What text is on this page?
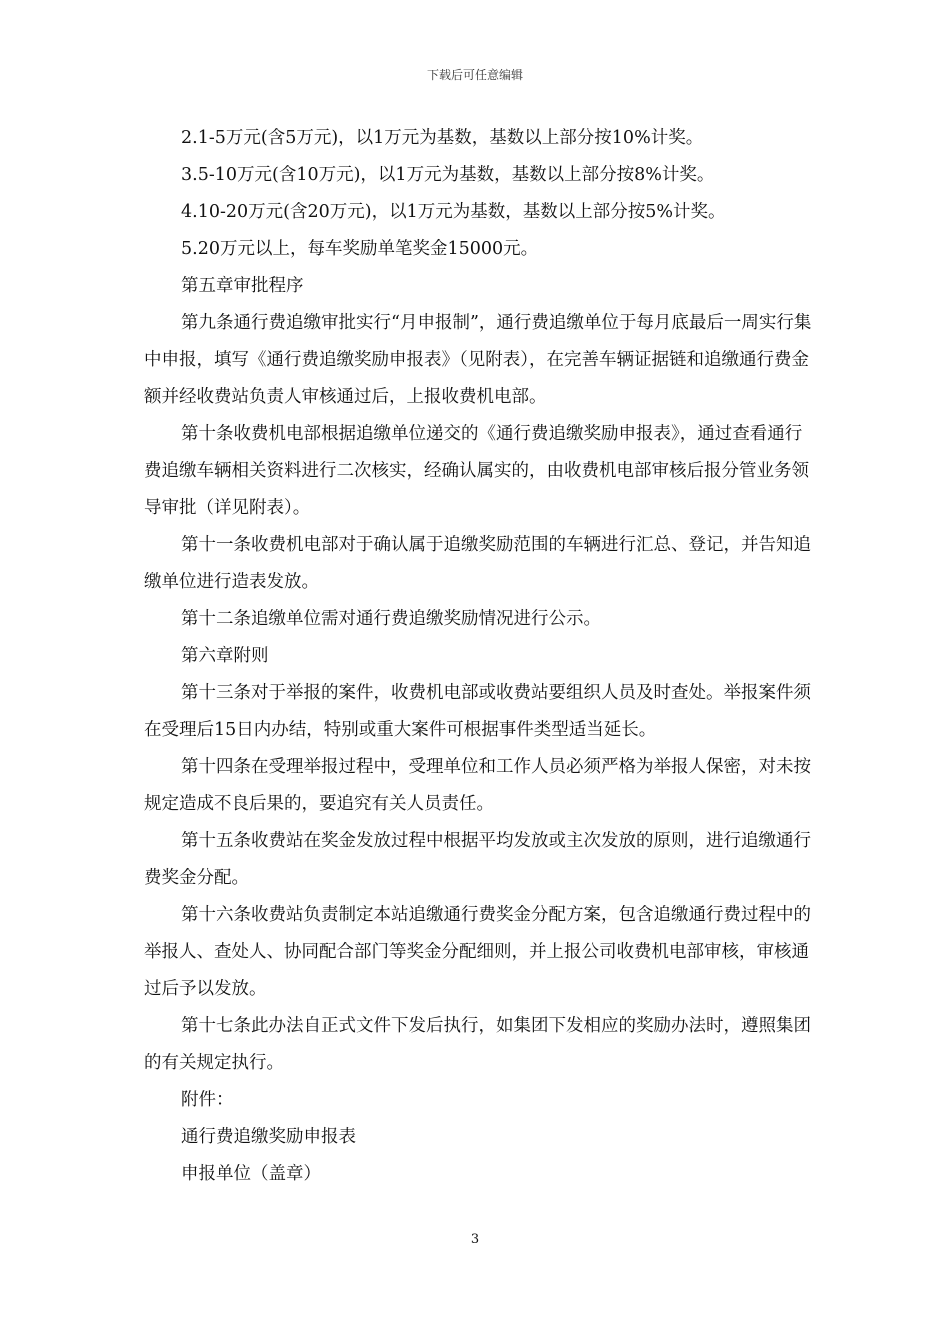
下载后可任意编辑

2.1-5万元(含5万元)，以1万元为基数，基数以上部分按10%计奖。

3.5-10万元(含10万元)，以1万元为基数，基数以上部分按8%计奖。

4.10-20万元(含20万元)，以1万元为基数，基数以上部分按5%计奖。

5.20万元以上，每车奖励单笔奖金15000元。

第五章审批程序

第九条通行费追缴审批实行“月申报制”，通行费追缴单位于每月底最后一周实行集中申报，填写《通行费追缴奖励申报表》（见附表），在完善车辆证据链和追缴通行费金额并经收费站负责人审核通过后，上报收费机电部。

第十条收费机电部根据追缴单位递交的《通行费追缴奖励申报表》，通过查看通行费追缴车辆相关资料进行二次核实，经确认属实的，由收费机电部审核后报分管业务领导审批（详见附表）。

第十一条收费机电部对于确认属于追缴奖励范围的车辆进行汇总、登记，并告知追缴单位进行造表发放。

第十二条追缴单位需对通行费追缴奖励情况进行公示。

第六章附则

第十三条对于举报的案件，收费机电部或收费站要组织人员及时查处。举报案件须在受理后15日内办结，特别或重大案件可根据事件类型适当延长。

第十四条在受理举报过程中，受理单位和工作人员必须严格为举报人保密，对未按规定造成不良后果的，要追究有关人员责任。

第十五条收费站在奖金发放过程中根据平均发放或主次发放的原则，进行追缴通行费奖金分配。

第十六条收费站负责制定本站追缴通行费奖金分配方案，包含追缴通行费过程中的举报人、查处人、协同配合部门等奖金分配细则，并上报公司收费机电部审核，审核通过后予以发放。

第十七条此办法自正式文件下发后执行，如集团下发相应的奖励办法时，遵照集团的有关规定执行。

附件：

通行费追缴奖励申报表

申报单位（盖章）

3
